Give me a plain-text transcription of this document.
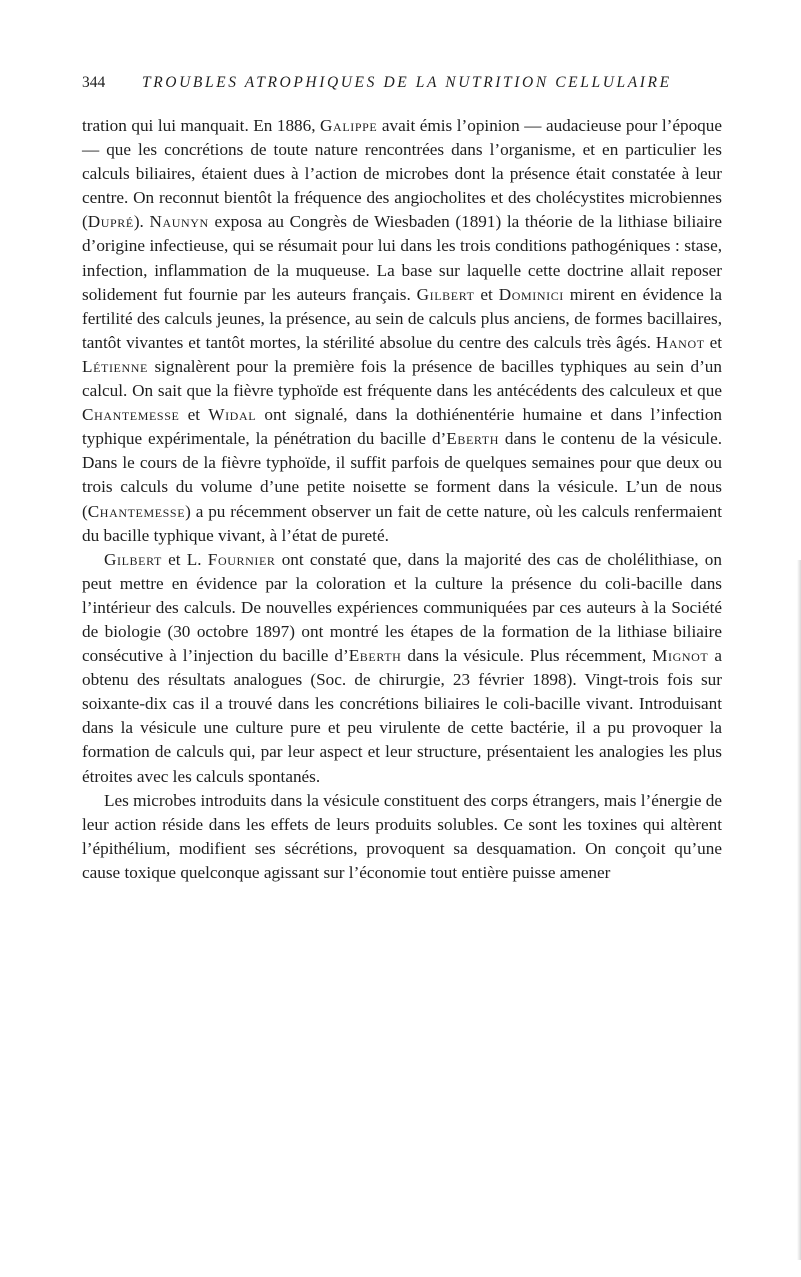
344 TROUBLES ATROPHIQUES DE LA NUTRITION CELLULAIRE

tration qui lui manquait. En 1886, Galippe avait émis l’opinion — audacieuse pour l’époque — que les concrétions de toute nature rencontrées dans l’organisme, et en particulier les calculs biliaires, étaient dues à l’action de microbes dont la présence était constatée à leur centre. On reconnut bientôt la fréquence des angiocholites et des cholécystites microbiennes (Dupré). Naunyn exposa au Congrès de Wiesbaden (1891) la théorie de la lithiase biliaire d’origine infectieuse, qui se résumait pour lui dans les trois conditions pathogéniques : stase, infection, inflammation de la muqueuse. La base sur laquelle cette doctrine allait reposer solidement fut fournie par les auteurs français. Gilbert et Dominici mirent en évidence la fertilité des calculs jeunes, la présence, au sein de calculs plus anciens, de formes bacillaires, tantôt vivantes et tantôt mortes, la stérilité absolue du centre des calculs très âgés. Hanot et Létienne signalèrent pour la première fois la présence de bacilles typhiques au sein d’un calcul. On sait que la fièvre typhoïde est fréquente dans les antécédents des calculeux et que Chantemesse et Widal ont signalé, dans la dothiénentérie humaine et dans l’infection typhique expérimentale, la pénétration du bacille d’Eberth dans le contenu de la vésicule. Dans le cours de la fièvre typhoïde, il suffit parfois de quelques semaines pour que deux ou trois calculs du volume d’une petite noisette se forment dans la vésicule. L’un de nous (Chantemesse) a pu récemment observer un fait de cette nature, où les calculs renfermaient du bacille typhique vivant, à l’état de pureté.

Gilbert et L. Fournier ont constaté que, dans la majorité des cas de cholélithiase, on peut mettre en évidence par la coloration et la culture la présence du coli-bacille dans l’intérieur des calculs. De nouvelles expériences communiquées par ces auteurs à la Société de biologie (30 octobre 1897) ont montré les étapes de la formation de la lithiase biliaire consécutive à l’injection du bacille d’Eberth dans la vésicule. Plus récemment, Mignot a obtenu des résultats analogues (Soc. de chirurgie, 23 février 1898). Vingt-trois fois sur soixante-dix cas il a trouvé dans les concrétions biliaires le coli-bacille vivant. Introduisant dans la vésicule une culture pure et peu virulente de cette bactérie, il a pu provoquer la formation de calculs qui, par leur aspect et leur structure, présentaient les analogies les plus étroites avec les calculs spontanés.

Les microbes introduits dans la vésicule constituent des corps étrangers, mais l’énergie de leur action réside dans les effets de leurs produits solubles. Ce sont les toxines qui altèrent l’épithélium, modifient ses sécrétions, provoquent sa desquamation. On conçoit qu’une cause toxique quelconque agissant sur l’économie tout entière puisse amener
